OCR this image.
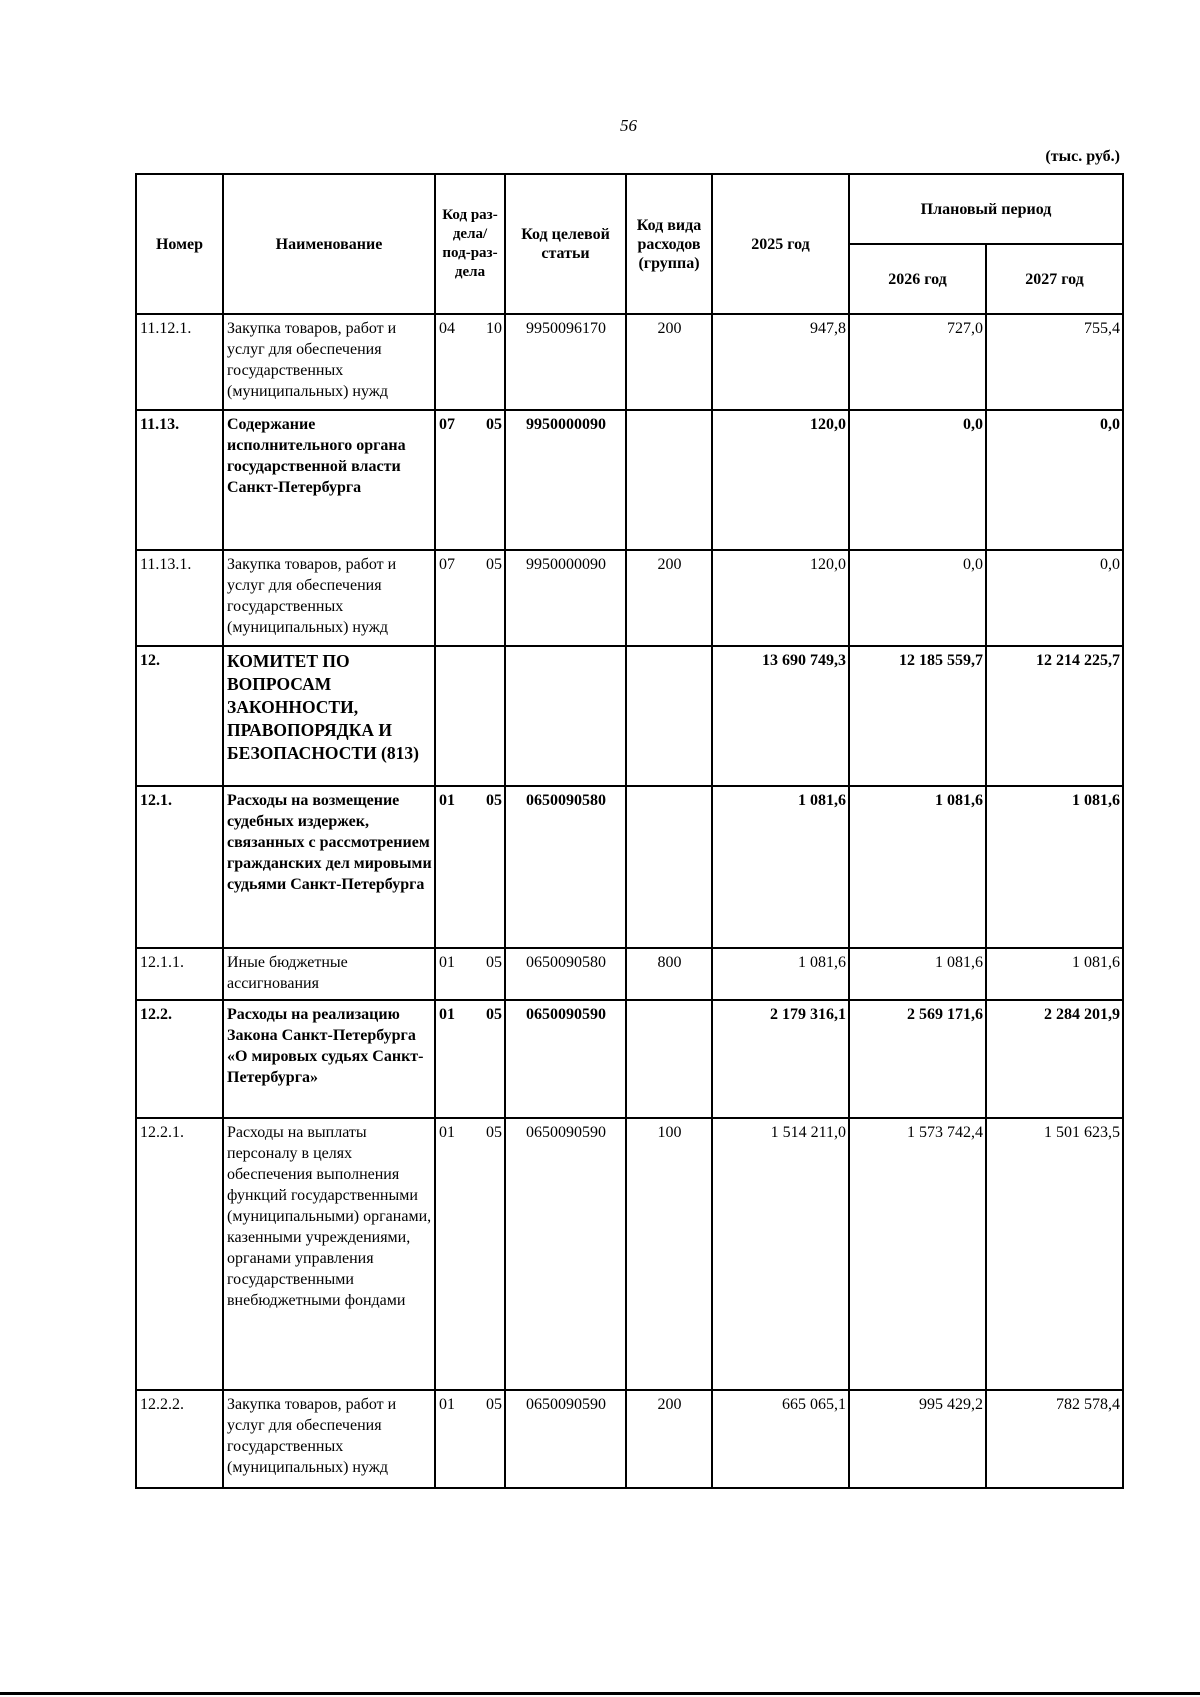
56
(тыс. руб.)
Номер	Наименование	Код раз-дела/ под-раз-дела	Код целевой статьи	Код вида расходов (группа)	2025 год	Плановый период	
						2026 год	2027 год
11.12.1.	Закупка товаров, работ и услуг для обеспечения государственных (муниципальных) нужд	04 10	9950096170	200	947,8	727,0	755,4
11.13.	Содержание исполнительного органа государственной власти Санкт-Петербурга	07 05	9950000090		120,0	0,0	0,0
11.13.1.	Закупка товаров, работ и услуг для обеспечения государственных (муниципальных) нужд	07 05	9950000090	200	120,0	0,0	0,0
12.	КОМИТЕТ ПО ВОПРОСАМ ЗАКОННОСТИ, ПРАВОПОРЯДКА И БЕЗОПАСНОСТИ (813)				13 690 749,3	12 185 559,7	12 214 225,7
12.1.	Расходы на возмещение судебных издержек, связанных с рассмотрением гражданских дел мировыми судьями Санкт-Петербурга	01 05	0650090580		1 081,6	1 081,6	1 081,6
12.1.1.	Иные бюджетные ассигнования	01 05	0650090580	800	1 081,6	1 081,6	1 081,6
12.2.	Расходы на реализацию Закона Санкт-Петербурга «О мировых судьях Санкт-Петербурга»	01 05	0650090590		2 179 316,1	2 569 171,6	2 284 201,9
12.2.1.	Расходы на выплаты персоналу в целях обеспечения выполнения функций государственными (муниципальными) органами, казенными учреждениями, органами управления государственными внебюджетными фондами	01 05	0650090590	100	1 514 211,0	1 573 742,4	1 501 623,5
12.2.2.	Закупка товаров, работ и услуг для обеспечения государственных (муниципальных) нужд	01 05	0650090590	200	665 065,1	995 429,2	782 578,4
